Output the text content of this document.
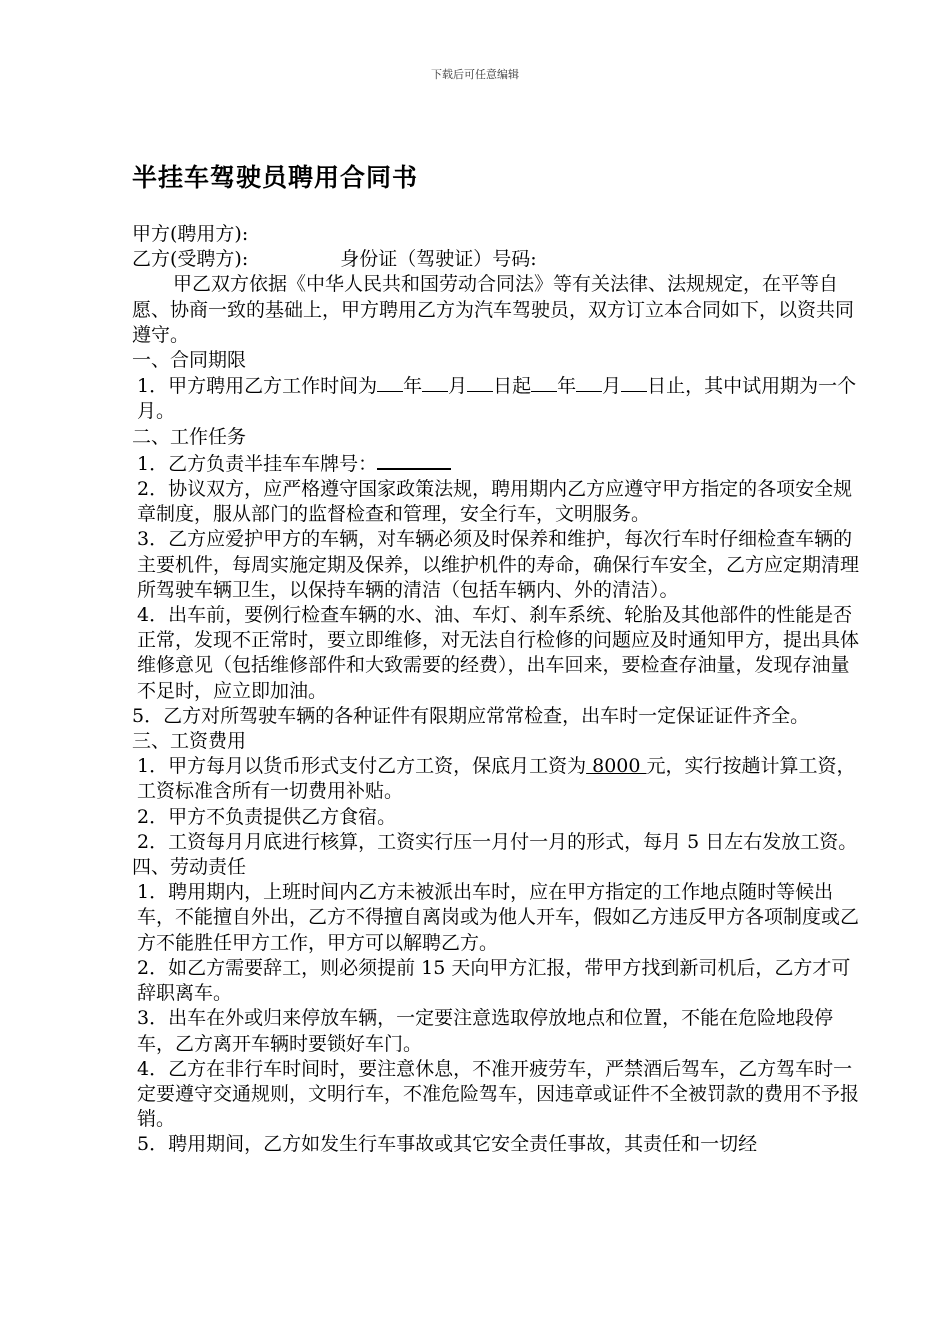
下载后可任意编辑
半挂车驾驶员聘用合同书

甲方(聘用方):

乙方(受聘方):	身份证（驾驶证）号码:

甲乙双方依据《中华人民共和国劳动合同法》等有关法律、法规规定，在平等自愿、协商一致的基础上，甲方聘用乙方为汽车驾驶员，双方订立本合同如下，以资共同遵守。

一、合同期限

1．甲方聘用乙方工作时间为 年 月 日起 年 月 日止，其中试用期为一个月。

二、工作任务

1．乙方负责半挂车车牌号：

2．协议双方，应严格遵守国家政策法规，聘用期内乙方应遵守甲方指定的各项安全规章制度，服从部门的监督检查和管理，安全行车，文明服务。

3．乙方应爱护甲方的车辆，对车辆必须及时保养和维护，每次行车时仔细检查车辆的主要机件，每周实施定期及保养，以维护机件的寿命，确保行车安全，乙方应定期清理所驾驶车辆卫生，以保持车辆的清洁（包括车辆内、外的清洁）。

4．出车前，要例行检查车辆的水、油、车灯、刹车系统、轮胎及其他部件的性能是否正常，发现不正常时，要立即维修，对无法自行检修的问题应及时通知甲方，提出具体维修意见（包括维修部件和大致需要的经费），出车回来，要检查存油量，发现存油量不足时，应立即加油。

5．乙方对所驾驶车辆的各种证件有限期应常常检查，出车时一定保证证件齐全。

三、工资费用

1．甲方每月以货币形式支付乙方工资，保底月工资为 8000 元，实行按趟计算工资，工资标准含所有一切费用补贴。

2．甲方不负责提供乙方食宿。

2．工资每月月底进行核算，工资实行压一月付一月的形式，每月 5 日左右发放工资。

四、劳动责任

1．聘用期内，上班时间内乙方未被派出车时，应在甲方指定的工作地点随时等候出车，不能擅自外出，乙方不得擅自离岗或为他人开车，假如乙方违反甲方各项制度或乙方不能胜任甲方工作，甲方可以解聘乙方。

2．如乙方需要辞工，则必须提前 15 天向甲方汇报，带甲方找到新司机后，乙方才可辞职离车。

3．出车在外或归来停放车辆，一定要注意选取停放地点和位置，不能在危险地段停车，乙方离开车辆时要锁好车门。

4．乙方在非行车时间时，要注意休息，不准开疲劳车，严禁酒后驾车，乙方驾车时一定要遵守交通规则，文明行车，不准危险驾车，因违章或证件不全被罚款的费用不予报销。

5．聘用期间，乙方如发生行车事故或其它安全责任事故，其责任和一切经
